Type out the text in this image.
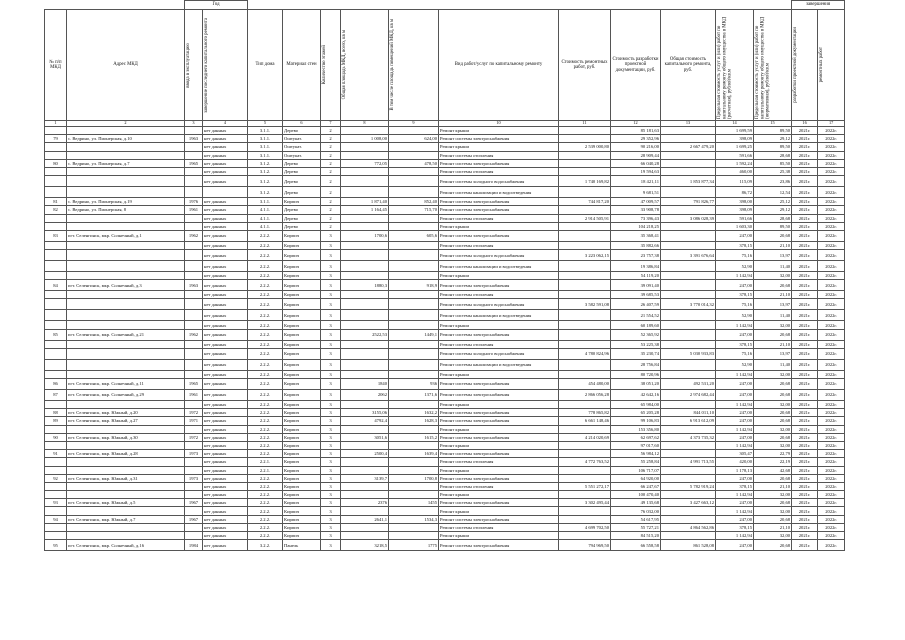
		Год													завершения	
№ п/п МКД	Адрес МКД	ввода в эксплуатацию	завершение последнего капитального ремонта	Тип дома	Материал стен	Количество этажей	Общая площадь МКД, всего, кв м	В том числе площадь помещений МКД, кв м	Вид работ/услуг по капитальному ремонту	Стоимость ремонтных работ, руб.	Стоимость разработки проектной документации, руб.	Общая стоимость капитального ремонта, руб.	Предельная стоимость услуг и (или) работ по капитальному ремонту общего имущества в МКД (расчетная), рублей/кв.м	Предельная стоимость услуг и (или) работ по капитальному ремонту общего имущества в МКД (нормативная), рублей/кв.м	разработки проектной документации	ремонтных работ

1	2	3	4	5	6	7	8	9	10	11	12	13	14	15	16	17
			нет данных	3.1.1.	Дерево	2			Ремонт крыши		85 181,63		1 699,59	89,50	2021г.	2022г.
79	с. Ведрино, ул. Пионерская, д.10	1963	нет данных	3.1.1.	Оштукат.	2	1 008,00	624,00	Ремонт системы электроснабжения		29 352,96		398,09	29,12	2021г.	2022г.
			нет данных	3.1.1.	Оштукат.	2			Ремонт крыши	2 539 000,80	90 216,00	2 667 479,20	1 699,25	89,50	2021г.	2022г.
			нет данных	3.1.1.	Оштукат.	2			Ремонт системы отопления		28 909,44		591,66	28,68	2021г.	2022г.
80	с. Ведрино, ул. Пионерская, д.7	1965	нет данных	3.1.2.	Дерево	2	772,05	478,50	Ремонт системы электроснабжения		66 040,28		1 592,24	85,50	2021г.	2022г.
			нет данных	3.1.2.	Дерево	2			Ремонт системы отопления		19 594,63		460,00	25,38	2021г.	2022г.
			нет данных	3.1.2.	Дерево	2			Ремонт системы холодного водоснабжения	1 740 169,82	18 421,11	1 853 877,34	115,09	23,86	2021г.	2022г.
				3.1.2.	Дерево	2			Ремонт системы канализации и водоотведения		9 681,51		86,72	12,54	2021г.	2022г.
81	с. Ведрино, ул. Пионерская, д.19	1976	нет данных	3.1.1.	Кирпич	2	1 871,40	852,40	Ремонт системы электроснабжения	744 817,20	47 009,57	791 826,77	398,00	25,12	2021г.	2022г.
82	с. Ведрино, ул. Пионерская, 8	1961	нет данных	4.1.1.	Дерево	2	1 164,45	715,70	Ремонт системы электроснабжения		33 908,78		398,09	29,12	2021г.	2022г.
			нет данных	4.1.1.	Дерево	2			Ремонт системы отопления	2 914 505,91	73 396,43	3 086 028,39	591,66	28,68	2021г.	2022г.
			нет данных	4.1.1.	Дерево	2			Ремонт крыши		104 218,25		1 603,30	89,50	2021г.	2022г.
83	пгт. Селенгинск, мкр. Солнечный, д.1	1962	нет данных	2.2.2.	Кирпич	3	1700,6	605,6	Ремонт системы электроснабжения		35 368,41		247,00	20,68	2021г.	2022г.
			нет данных	2.2.2.	Кирпич	3			Ремонт системы отопления		35 882,66		378,15	21,10	2021г.	2022г.
			нет данных	2.2.2.	Кирпич	3			Ремонт системы холодного водоснабжения	3 223 062,15	23 757,38	3 391 676,64	75,16	13,97	2021г.	2022г.
			нет данных	2.2.2.	Кирпич	3			Ремонт системы канализации и водоотведения		19 386,84		52,90	11,40	2021г.	2022г.
			нет данных	2.2.2.	Кирпич	3			Ремонт крыши		54 119,20		1 142,94	32,00	2021г.	2022г.
84	пгт. Селенгинск, мкр. Солнечный, д.3	1963	нет данных	2.2.2.	Кирпич	3	1880,3	918,9	Ремонт системы электроснабжения		39 091,40		247,00	20,68	2021г.	2022г.
			нет данных	2.2.2.	Кирпич	3			Ремонт системы отопления		39 685,53		378,15	21,10	2021г.	2022г.
			нет данных	2.2.2.	Кирпич	3			Ремонт системы холодного водоснабжения	3 582 591,08	26 407,59	3 770 014,32	75,16	13,97	2021г.	2022г.
			нет данных	2.2.2.	Кирпич	3			Ремонт системы канализации и водоотведения		21 554,52		52,90	11,40	2021г.	2022г.
			нет данных	2.2.2.	Кирпич	3			Ремонт крыши		60 189,60		1 142,94	32,00	2021г.	2022г.
85	пгт. Селенгинск, мкр. Солнечный, д.21	1962	нет данных	2.2.2.	Кирпич	3	2522,53	1449,1	Ремонт системы электроснабжения		52 365,92		247,00	20,68	2021г.	2022г.
			нет данных	2.2.2.	Кирпич	3			Ремонт системы отопления		53 225,38		378,15	21,10	2021г.	2022г.
			нет данных	2.2.2.	Кирпич	3			Ремонт системы холодного водоснабжения	4 780 824,96	35 230,74	5 030 933,83	75,16	13,97	2021г.	2022г.
			нет данных	2.2.2.	Кирпич	3			Ремонт системы канализации и водоотведения		28 756,84		52,90	11,40	2021г.	2022г.
			нет данных	2.2.2.	Кирпич	3			Ремонт крыши		80 720,96		1 142,94	32,00	2021г.	2022г.
86	пгт. Селенгинск, мкр. Солнечный, д.11	1965	нет данных	2.2.2.	Кирпич	3	1840	936	Ремонт системы электроснабжения	454 480,00	38 051,20	492 531,20	247,00	20,68	2021г.	2022г.
87	пгт. Селенгинск, мкр. Солнечный, д.29	1961	нет данных	2.2.2.	Кирпич	3	2062	1371,6	Ремонт системы электроснабжения	2 866 056,28	42 642,16	2 974 682,44	247,00	20,68	2021г.	2022г.
			нет данных	2.2.2.	Кирпич	3			Ремонт крыши		65 984,00		1 142,94	32,00	2021г.	2022г.
88	пгт. Селенгинск, мкр. Южный, д.20	1972	нет данных	2.2.2.	Кирпич	3	3155,06	1632,2	Ремонт системы электроснабжения	778 865,82	65 205,28	844 011,10	247,00	20,68	2021г.	2022г.
89	пгт. Селенгинск, мкр. Южный, д.27	1971	нет данных	2.2.2.	Кирпич	3	4792,4	1628,3	Ремонт системы электроснабжения	6 661 148,46	99 106,83	6 913 612,09	247,00	20,68	2021г.	2022г.
			нет данных	2.2.2.	Кирпич	3			Ремонт крыши		153 356,80		1 142,94	32,00	2021г.	2022г.
90	пгт. Селенгинск, мкр. Южный, д.30	1972	нет данных	2.2.2.	Кирпич	3	3051,6	1615,2	Ремонт системы электроснабжения	4 214 020,69	62 697,62	4 373 735,32	247,00	20,68	2021г.	2022г.
			нет данных	2.2.2.	Кирпич	3			Ремонт крыши		97 017,60		1 142,94	32,00	2021г.	2022г.
91	пгт. Селенгинск, мкр. Южный, д.28	1973	нет данных	2.2.2.	Кирпич	3	2500,4	1639,4	Ремонт системы электроснабжения		56 984,12		305,47	22,79	2021г.	2022г.
			нет данных	2.2.1.	Кирпич	3			Ремонт системы отопления	4 772 763,52	55 258,84	4 991 713,55	420,00	22,19	2021г.	2022г.
			нет данных	2.2.1.	Кирпич	3			Ремонт крыши		106 717,07		1 178,13	42,68	2021г.	2022г.
92	пгт. Селенгинск, мкр. Южный, д.31	1973	нет данных	2.2.2.	Кирпич	3	3139,7	1700,8	Ремонт системы электроснабжения		64 920,00		247,00	20,68	2021г.	2022г.
			нет данных	2.2.2.	Кирпич	3			Ремонт системы отопления	5 551 272,17	66 247,67	5 782 919,24	378,15	21,10	2021г.	2022г.
			нет данных	2.2.2.	Кирпич	3			Ремонт крыши		100 470,40		1 142,94	32,00	2021г.	2022г.
93	пгт. Селенгинск, мкр. Южный, д.5	1967	нет данных	2.2.2.	Кирпич	3	2376	1455	Ремонт системы электроснабжения	3 302 495,44	49 135,68	3 427 663,12	247,00	20,68	2021г.	2022г.
			нет данных	2.2.2.	Кирпич	3			Ремонт крыши		76 032,00		1 142,94	32,00	2021г.	2022г.
94	пгт. Селенгинск, мкр. Южный, д.7	1967	нет данных	2.2.2.	Кирпич	3	2641,1	1534,3	Ремонт системы электроснабжения		54 617,95		247,00	20,68	2021г.	2022г.
			нет данных	2.2.2.	Кирпич	3			Ремонт системы отопления	4 699 702,50	55 727,21	4 864 562,86	378,15	21,10	2021г.	2022г.
			нет данных	2.2.2.	Кирпич	3			Ремонт крыши		84 515,20		1 142,94	32,00	2021г.	2022г.
95	пгт. Селенгинск, мкр. Солнечный, д.16	1984	нет данных	3.2.2.	Панель	3	3218,5	1775	Ремонт системы электроснабжения	794 969,50	66 558,58	861 528,08	247,00	20,68	2021г.	2022г.
